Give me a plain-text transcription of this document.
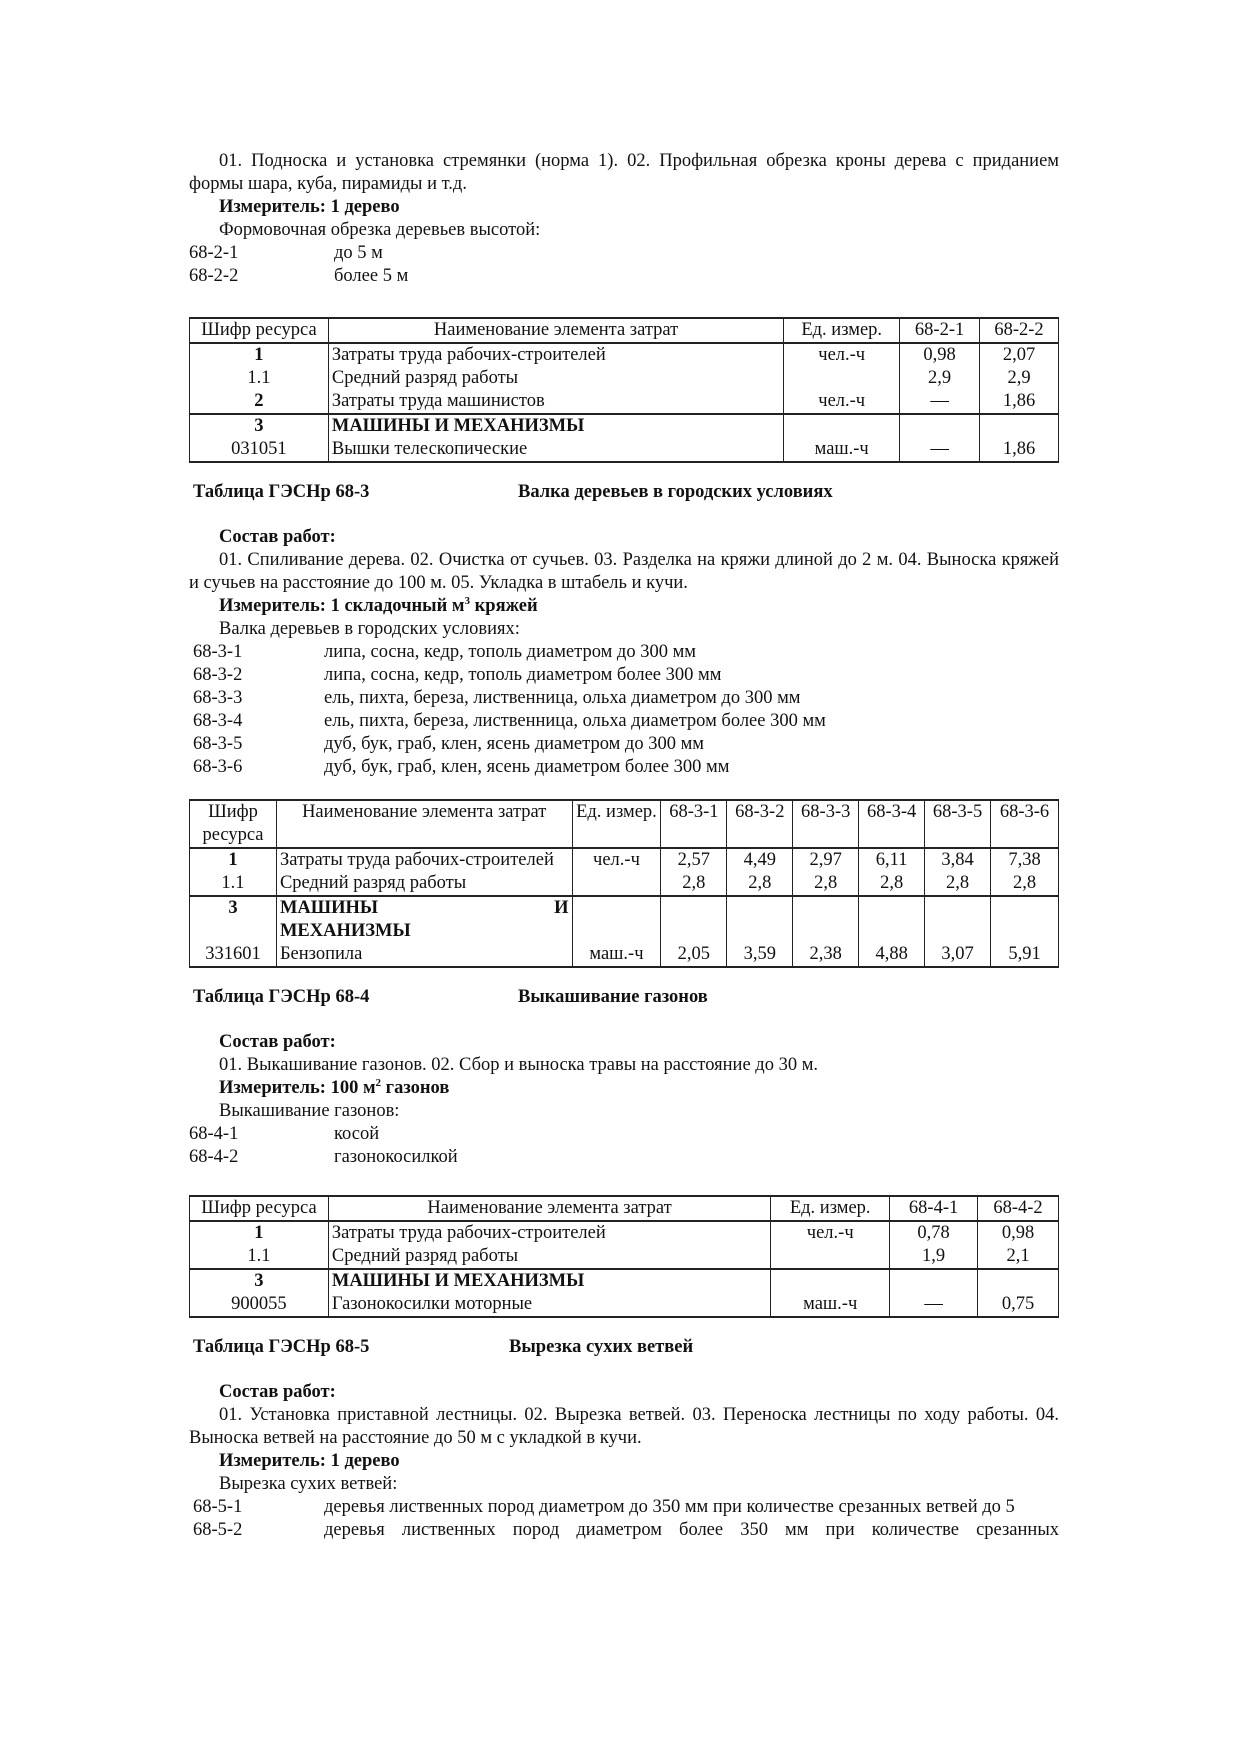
01. Подноска и установка стремянки (норма 1). 02. Профильная обрезка кроны дерева с приданием формы шара, куба, пирамиды и т.д.

Измеритель: 1 дерево

Формовочная обрезка деревьев высотой:

68-2-1	до 5 м
68-2-2	более 5 м
Шифр ресурса	Наименование элемента затрат	Ед. измер.	68-2-1	68-2-2
1	Затраты труда рабочих-строителей	чел.-ч	0,98	2,07
1.1	Средний разряд работы		2,9	2,9
2	Затраты труда машинистов	чел.-ч	—	1,86
3	МАШИНЫ И МЕХАНИЗМЫ			
031051	Вышки телескопические	маш.-ч	—	1,86
Таблица ГЭСНр 68-3	Валка деревьев в городских условиях

Состав работ:

01. Спиливание дерева. 02. Очистка от сучьев. 03. Разделка на кряжи длиной до 2 м. 04. Выноска кряжей и сучьев на расстояние до 100 м. 05. Укладка в штабель и кучи.

Измеритель: 1 складочный $м^3$ кряжей

Валка деревьев в городских условиях:

68-3-1	липа, сосна, кедр, тополь диаметром до 300 мм
68-3-2	липа, сосна, кедр, тополь диаметром более 300 мм
68-3-3	ель, пихта, береза, лиственница, ольха диаметром до 300 мм
68-3-4	ель, пихта, береза, лиственница, ольха диаметром более 300 мм
68-3-5	дуб, бук, граб, клен, ясень диаметром до 300 мм
68-3-6	дуб, бук, граб, клен, ясень диаметром более 300 мм
Шифр ресурса	Наименование элемента затрат	Ед. измер.	68-3-1	68-3-2	68-3-3	68-3-4	68-3-5	68-3-6
1	Затраты труда рабочих-строителей	чел.-ч	2,57	4,49	2,97	6,11	3,84	7,38
1.1	Средний разряд работы		2,8	2,8	2,8	2,8	2,8	2,8
3	МАШИНЫ И МЕХАНИЗМЫ							
331601	Бензопила	маш.-ч	2,05	3,59	2,38	4,88	3,07	5,91
Таблица ГЭСНр 68-4	Выкашивание газонов

Состав работ:

01. Выкашивание газонов. 02. Сбор и выноска травы на расстояние до 30 м.

Измеритель: 100 $м^2$ газонов

Выкашивание газонов:

68-4-1	косой
68-4-2	газонокосилкой
Шифр ресурса	Наименование элемента затрат	Ед. измер.	68-4-1	68-4-2
1	Затраты труда рабочих-строителей	чел.-ч	0,78	0,98
1.1	Средний разряд работы		1,9	2,1
3	МАШИНЫ И МЕХАНИЗМЫ			
900055	Газонокосилки моторные	маш.-ч	—	0,75
Таблица ГЭСНр 68-5	Вырезка сухих ветвей

Состав работ:

01. Установка приставной лестницы. 02. Вырезка ветвей. 03. Переноска лестницы по ходу работы. 04. Выноска ветвей на расстояние до 50 м с укладкой в кучи.

Измеритель: 1 дерево

Вырезка сухих ветвей:

68-5-1	деревья лиственных пород диаметром до 350 мм при количестве срезанных ветвей до 5
68-5-2	деревья лиственных пород диаметром более 350 мм при количестве срезанных
